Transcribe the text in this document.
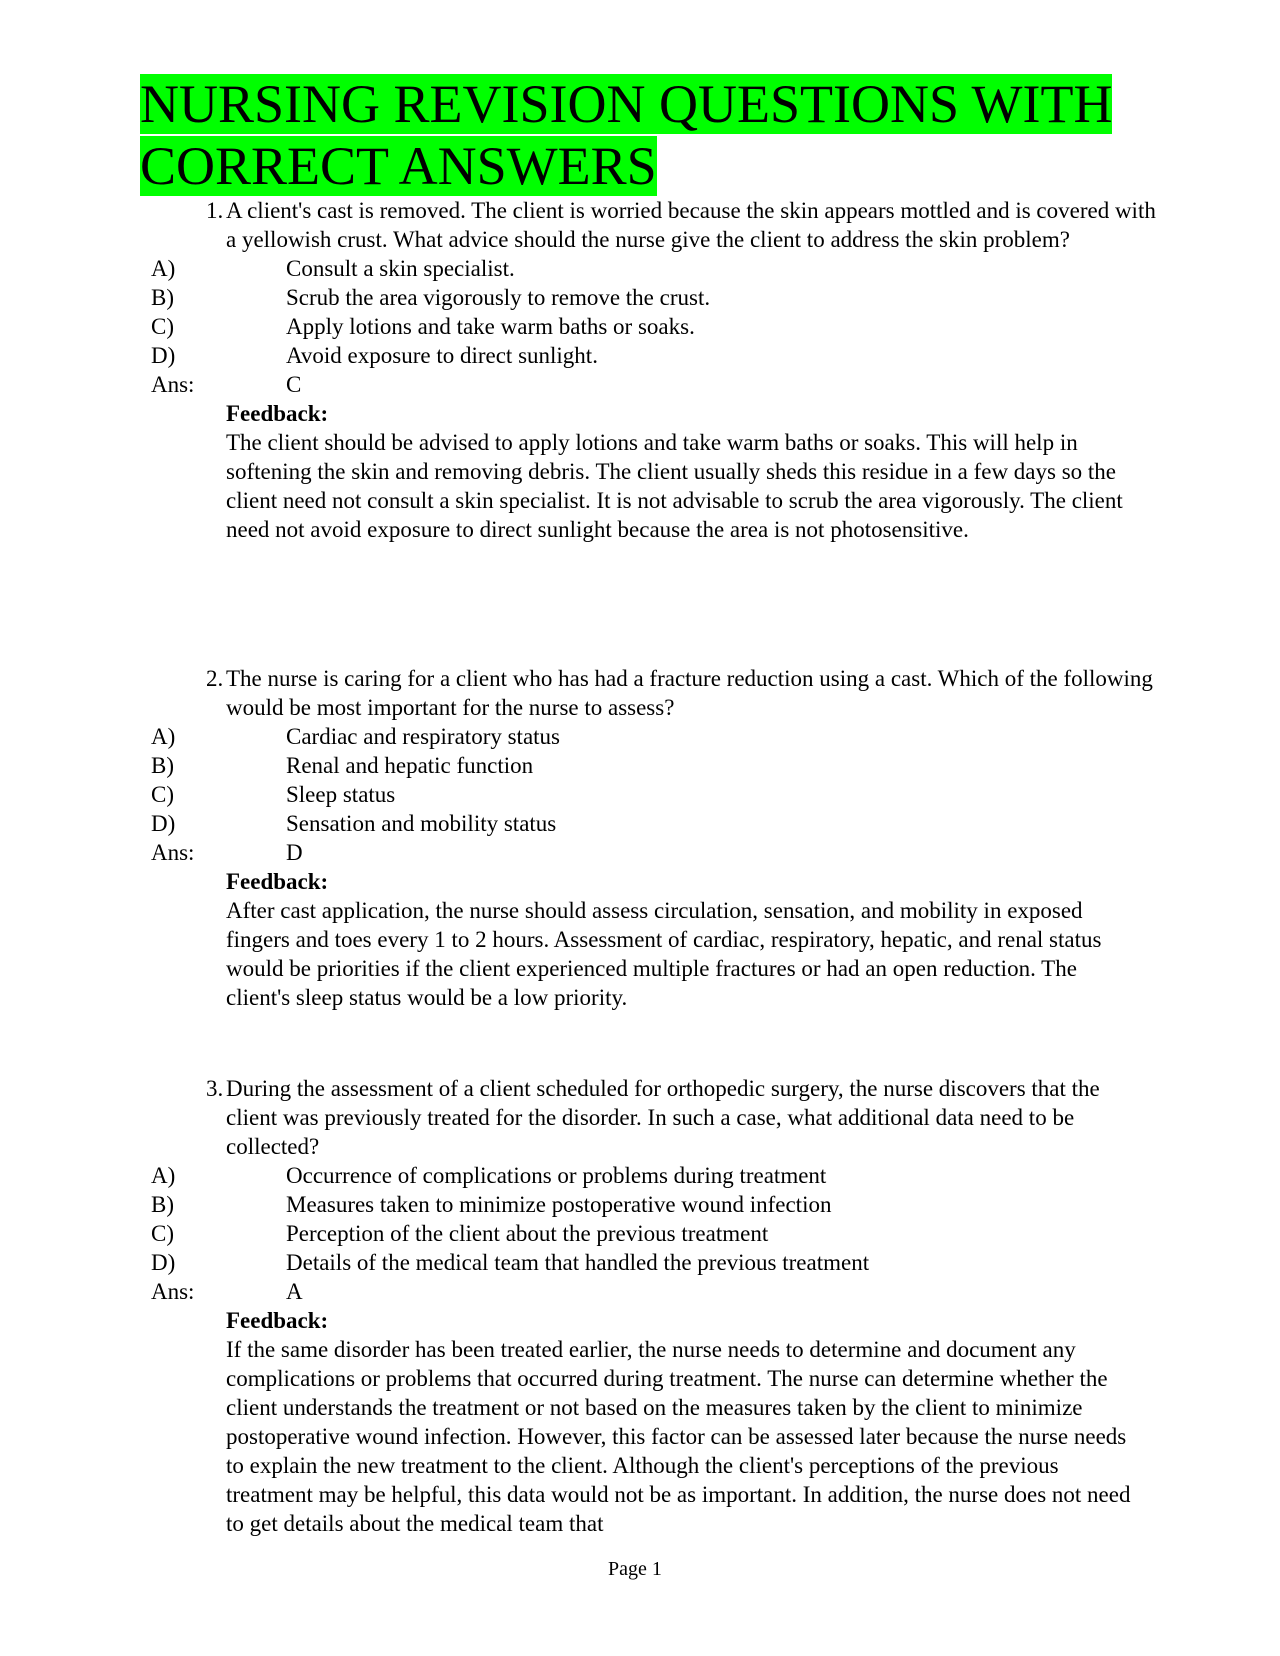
NURSING REVISION QUESTIONS WITH
CORRECT ANSWERS
1. A client's cast is removed. The client is worried because the skin appears mottled and is covered with a yellowish crust. What advice should the nurse give the client to address the skin problem?
A)	Consult a skin specialist.
B)	Scrub the area vigorously to remove the crust.
C)	Apply lotions and take warm baths or soaks.
D)	Avoid exposure to direct sunlight.
Ans:	C
Feedback:
The client should be advised to apply lotions and take warm baths or soaks. This will help in softening the skin and removing debris. The client usually sheds this residue in a few days so the client need not consult a skin specialist. It is not advisable to scrub the area vigorously. The client need not avoid exposure to direct sunlight because the area is not photosensitive.
2. The nurse is caring for a client who has had a fracture reduction using a cast. Which of the following would be most important for the nurse to assess?
A)	Cardiac and respiratory status
B)	Renal and hepatic function
C)	Sleep status
D)	Sensation and mobility status
Ans:	D
Feedback:
After cast application, the nurse should assess circulation, sensation, and mobility in exposed fingers and toes every 1 to 2 hours. Assessment of cardiac, respiratory, hepatic, and renal status would be priorities if the client experienced multiple fractures or had an open reduction. The client's sleep status would be a low priority.
3. During the assessment of a client scheduled for orthopedic surgery, the nurse discovers that the client was previously treated for the disorder. In such a case, what additional data need to be collected?
A)	Occurrence of complications or problems during treatment
B)	Measures taken to minimize postoperative wound infection
C)	Perception of the client about the previous treatment
D)	Details of the medical team that handled the previous treatment
Ans:	A
Feedback:
If the same disorder has been treated earlier, the nurse needs to determine and document any complications or problems that occurred during treatment. The nurse can determine whether the client understands the treatment or not based on the measures taken by the client to minimize postoperative wound infection. However, this factor can be assessed later because the nurse needs to explain the new treatment to the client. Although the client's perceptions of the previous treatment may be helpful, this data would not be as important. In addition, the nurse does not need to get details about the medical team that
Page 1
